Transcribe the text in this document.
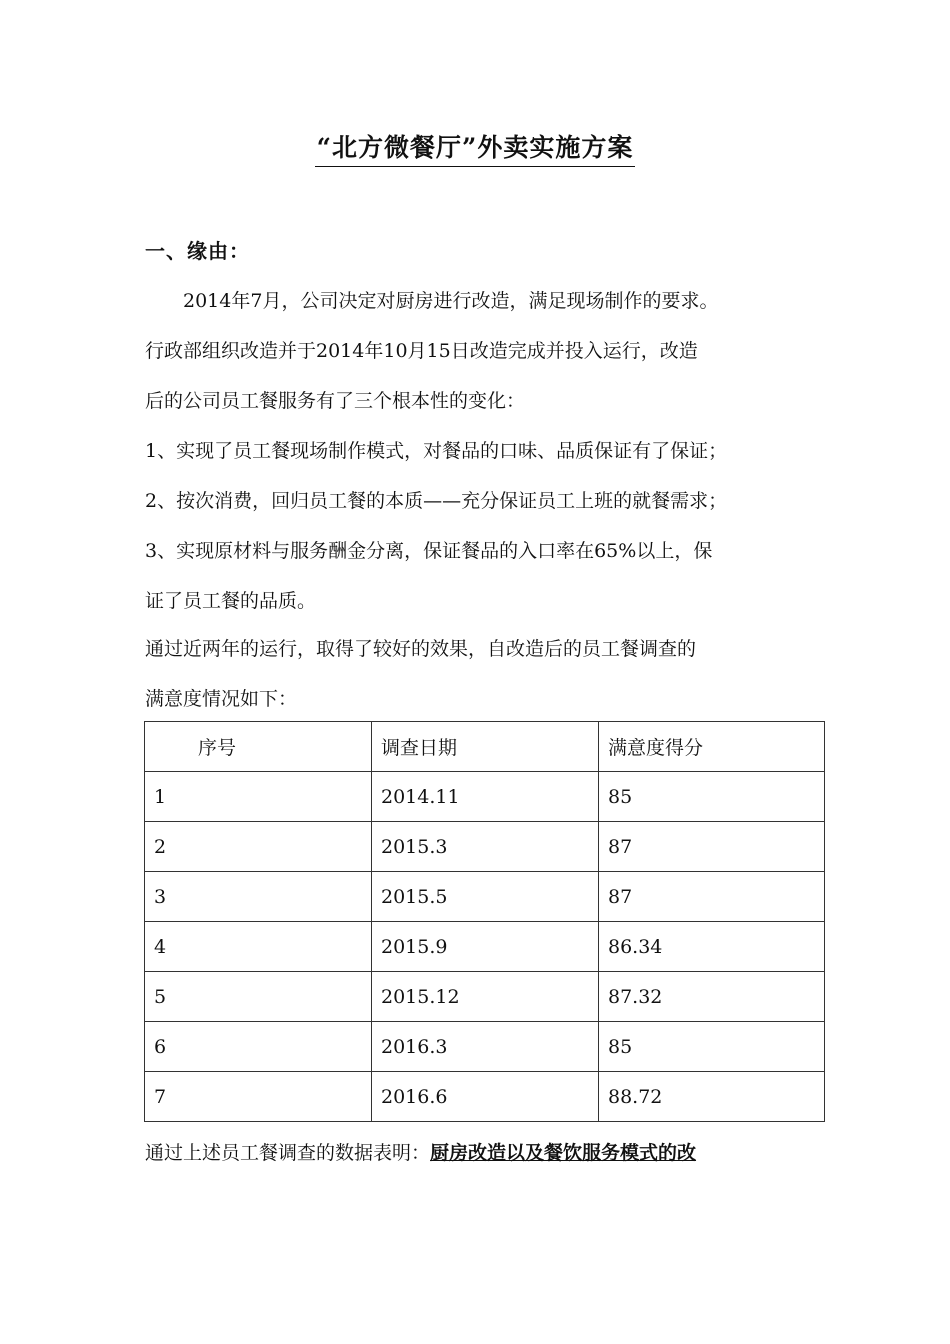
“北方微餐厅”外卖实施方案
一、缘由：
　　2014年7月，公司决定对厨房进行改造，满足现场制作的要求。
行政部组织改造并于2014年10月15日改造完成并投入运行，改造
后的公司员工餐服务有了三个根本性的变化：
1、实现了员工餐现场制作模式，对餐品的口味、品质保证有了保证；
2、按次消费，回归员工餐的本质——充分保证员工上班的就餐需求；
3、实现原材料与服务酬金分离，保证餐品的入口率在65%以上，保
证了员工餐的品质。
通过近两年的运行，取得了较好的效果，自改造后的员工餐调查的
满意度情况如下：
序号	调查日期	满意度得分
1	2014.11	85
2	2015.3	87
3	2015.5	87
4	2015.9	86.34
5	2015.12	87.32
6	2016.3	85
7	2016.6	88.72
通过上述员工餐调查的数据表明：厨房改造以及餐饮服务模式的改
